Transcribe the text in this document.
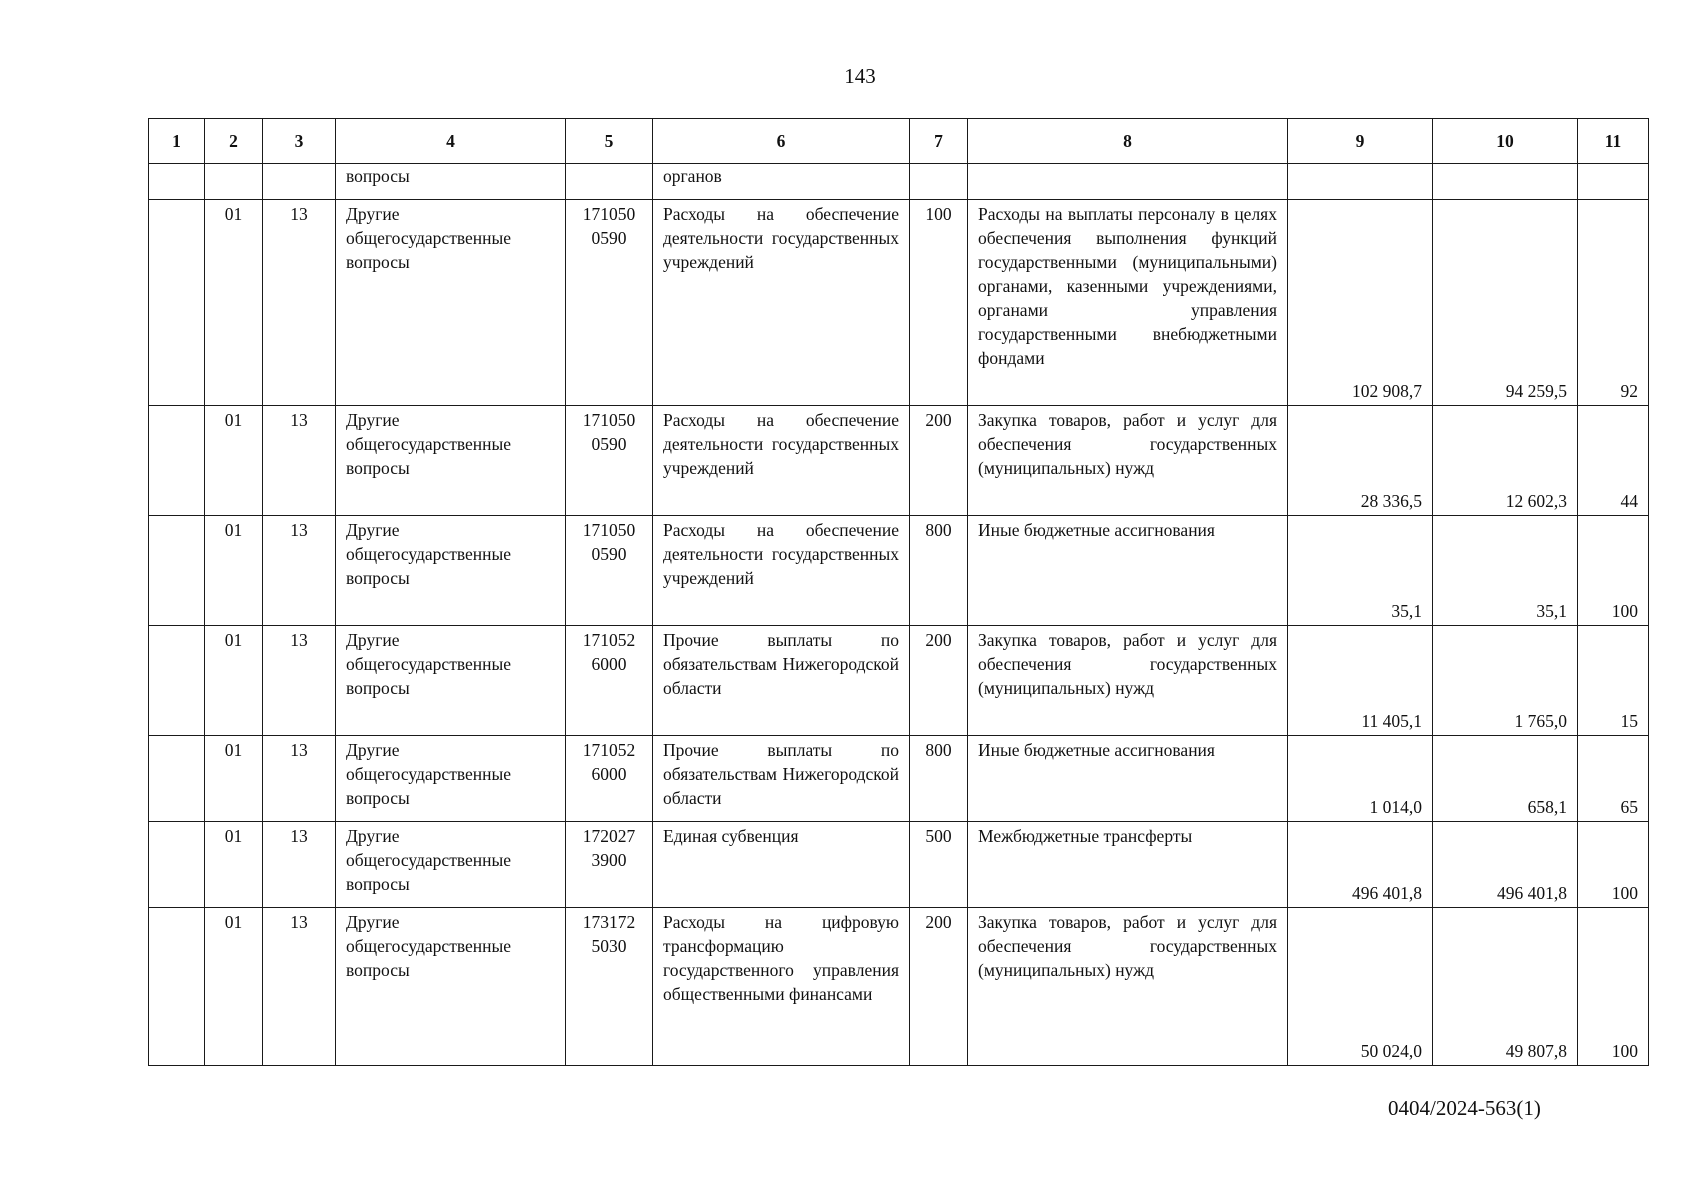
143
1	2	3	4	5	6	7	8	9	10	11
			вопросы		органов					
	01	13	Другие общегосударственные вопросы	171050 0590	Расходы на обеспечение деятельности государственных учреждений	100	Расходы на выплаты персоналу в целях обеспечения выполнения функций государственными (муниципальными) органами, казенными учреждениями, органами управления государственными внебюджетными фондами	102 908,7	94 259,5	92
	01	13	Другие общегосударственные вопросы	171050 0590	Расходы на обеспечение деятельности государственных учреждений	200	Закупка товаров, работ и услуг для обеспечения государственных (муниципальных) нужд	28 336,5	12 602,3	44
	01	13	Другие общегосударственные вопросы	171050 0590	Расходы на обеспечение деятельности государственных учреждений	800	Иные бюджетные ассигнования	35,1	35,1	100
	01	13	Другие общегосударственные вопросы	171052 6000	Прочие выплаты по обязательствам Нижегородской области	200	Закупка товаров, работ и услуг для обеспечения государственных (муниципальных) нужд	11 405,1	1 765,0	15
	01	13	Другие общегосударственные вопросы	171052 6000	Прочие выплаты по обязательствам Нижегородской области	800	Иные бюджетные ассигнования	1 014,0	658,1	65
	01	13	Другие общегосударственные вопросы	172027 3900	Единая субвенция	500	Межбюджетные трансферты	496 401,8	496 401,8	100
	01	13	Другие общегосударственные вопросы	173172 5030	Расходы на цифровую трансформацию государственного управления общественными финансами	200	Закупка товаров, работ и услуг для обеспечения государственных (муниципальных) нужд	50 024,0	49 807,8	100
0404/2024-563(1)
